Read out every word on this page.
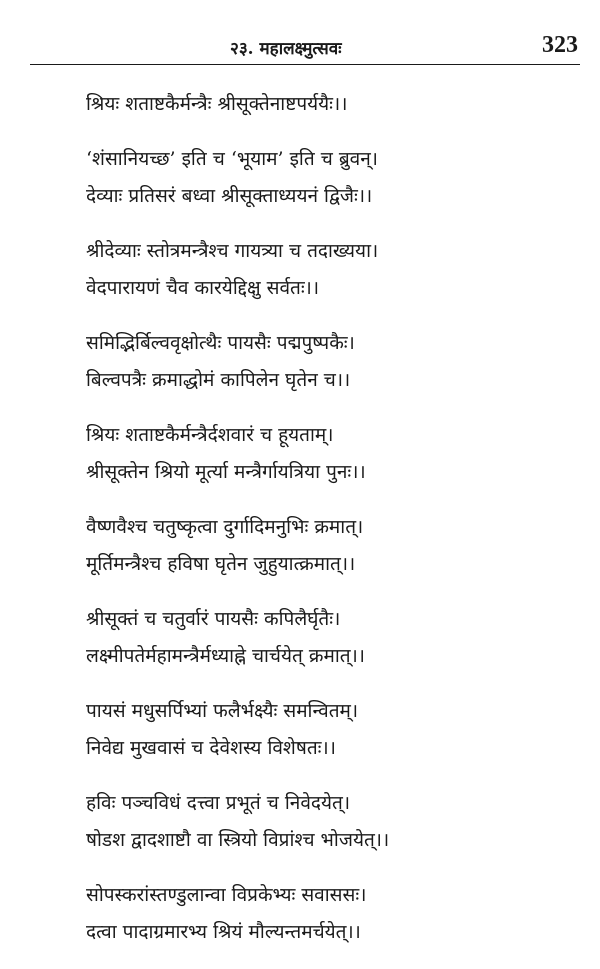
२३. महालक्ष्मुत्सवः	323
श्रियः शताष्टकैर्मन्त्रैः श्रीसूक्तेनाष्टपर्ययैः।।
‘शंसानियच्छ’ इति च ‘भूयाम’ इति च ब्रुवन्।
देव्याः प्रतिसरं बध्वा श्रीसूक्ताध्ययनं द्विजैः।।
श्रीदेव्याः स्तोत्रमन्त्रैश्च गायत्र्या च तदाख्यया।
वेदपारायणं चैव कारयेद्दिक्षु सर्वतः।।
समिद्भिर्बिल्ववृक्षोत्थैः पायसैः पद्मपुष्पकैः।
बिल्वपत्रैः क्रमाद्धोमं कापिलेन घृतेन च।।
श्रियः शताष्टकैर्मन्त्रैर्दशवारं च हूयताम्।
श्रीसूक्तेन श्रियो मूर्त्या मन्त्रैर्गायत्रिया पुनः।।
वैष्णवैश्च चतुष्कृत्वा दुर्गादिमनुभिः क्रमात्।
मूर्तिमन्त्रैश्च हविषा घृतेन जुहुयात्क्रमात्।।
श्रीसूक्तं च चतुर्वारं पायसैः कपिलैर्घृतैः।
लक्ष्मीपतेर्महामन्त्रैर्मध्याह्ने चार्चयेत् क्रमात्।।
पायसं मधुसर्पिभ्यां फलैर्भक्ष्यैः समन्वितम्।
निवेद्य मुखवासं च देवेशस्य विशेषतः।।
हविः पञ्चविधं दत्त्वा प्रभूतं च निवेदयेत्।
षोडश द्वादशाष्टौ वा स्त्रियो विप्रांश्च भोजयेत्।।
सोपस्करांस्तण्डुलान्वा विप्रकेभ्यः सवाससः।
दत्वा पादाग्रमारभ्य श्रियं मौल्यन्तमर्चयेत्।।
